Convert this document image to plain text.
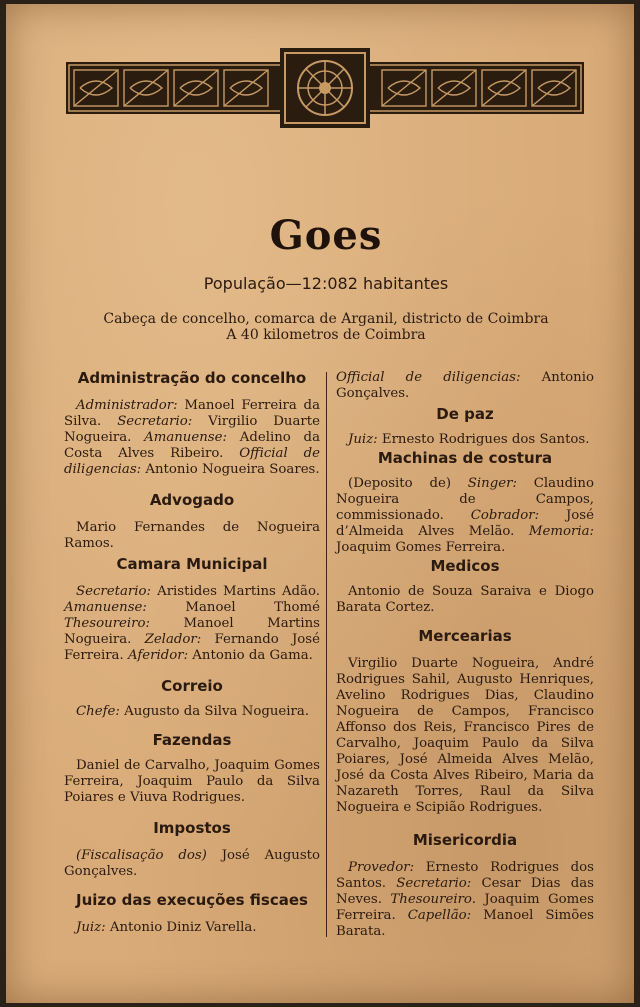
Goes
População—12:082 habitantes
Cabeça de concelho, comarca de Arganil, districto de Coimbra
A 40 kilometros de Coimbra
Administração do concelho

Administrador: Manoel Ferreira da Silva. Secretario: Virgilio Duarte Nogueira. Amanuense: Adelino da Costa Alves Ribeiro. Official de diligencias: Antonio Nogueira Soares.

Advogado

Mario Fernandes de Nogueira Ramos.

Camara Municipal

Secretario: Aristides Martins Adão. Amanuense: Manoel Thomé Thesoureiro: Manoel Martins Nogueira. Zelador: Fernando José Ferreira. Aferidor: Antonio da Gama.

Correio

Chefe: Augusto da Silva Nogueira.

Fazendas

Daniel de Carvalho, Joaquim Gomes Ferreira, Joaquim Paulo da Silva Poiares e Viuva Rodrigues.

Impostos

(Fiscalisação dos) José Augusto Gonçalves.

Juizo das execuções fiscaes

Juiz: Antonio Diniz Varella.

Official de diligencias: Antonio Gonçalves.

De paz

Juiz: Ernesto Rodrigues dos Santos.

Machinas de costura

(Deposito de) Singer: Claudino Nogueira de Campos, commissionado. Cobrador: José d’Almeida Alves Melão. Memoria: Joaquim Gomes Ferreira.

Medicos

Antonio de Souza Saraiva e Diogo Barata Cortez.

Mercearias

Virgilio Duarte Nogueira, André Rodrigues Sahil, Augusto Henriques, Avelino Rodrigues Dias, Claudino Nogueira de Campos, Francisco Affonso dos Reis, Francisco Pires de Carvalho, Joaquim Paulo da Silva Poiares, José Almeida Alves Melão, José da Costa Alves Ribeiro, Maria da Nazareth Torres, Raul da Silva Nogueira e Scipião Rodrigues.

Misericordia

Provedor: Ernesto Rodrigues dos Santos. Secretario: Cesar Dias das Neves. Thesoureiro. Joaquim Gomes Ferreira. Capellão: Manoel Simões Barata.
